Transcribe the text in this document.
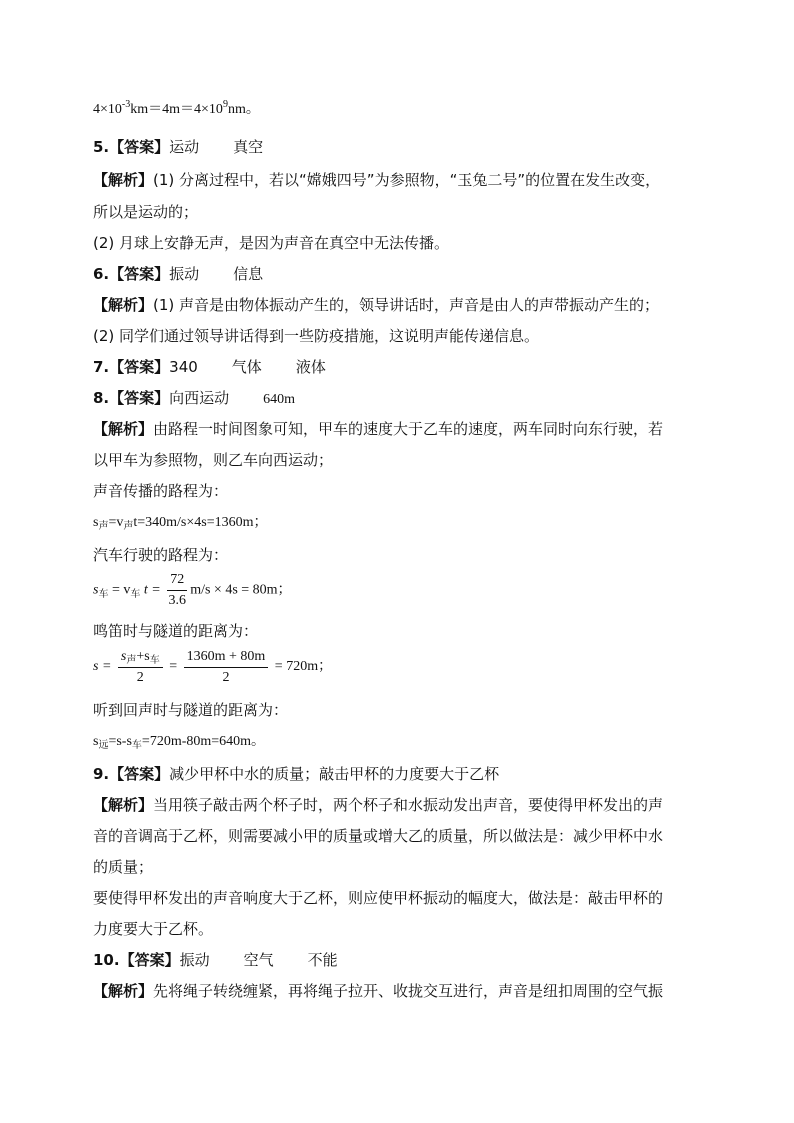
$4\times 10^{-3}km=4m=4\times 10^9nm$。
5.【答案】运动 真空
【解析】(1) 分离过程中，若以“嫦娥四号”为参照物，“玉兔二号”的位置在发生改变，
所以是运动的；
(2) 月球上安静无声，是因为声音在真空中无法传播。
6.【答案】振动 信息
【解析】(1) 声音是由物体振动产生的，领导讲话时，声音是由人的声带振动产生的；
(2) 同学们通过领导讲话得到一些防疫措施，这说明声能传递信息。
7.【答案】340 气体 液体
8.【答案】向西运动 640m
【解析】由路程一时间图象可知，甲车的速度大于乙车的速度，两车同时向东行驶，若
以甲车为参照物，则乙车向西运动；
声音传播的路程为：
$s_声=v_声t=340m/s\times 4s=1360m$；
汽车行驶的路程为：
$s_车 = v_车$ $t = \frac{72}{3.6} m/s \times 4s = 80m$；
鸣笛时与隧道的距离为：
$s = \frac{s_声+s_车}{2} = \frac{1360m + 80m}{2} = 720m$；
听到回声时与隧道的距离为：
$s_远=s-s_车=720m-80m=640m$。
9.【答案】减少甲杯中水的质量；敲击甲杯的力度要大于乙杯
【解析】当用筷子敲击两个杯子时，两个杯子和水振动发出声音，要使得甲杯发出的声
音的音调高于乙杯，则需要减小甲的质量或增大乙的质量，所以做法是：减少甲杯中水
的质量；
要使得甲杯发出的声音响度大于乙杯，则应使甲杯振动的幅度大，做法是：敲击甲杯的
力度要大于乙杯。
10.【答案】振动 空气 不能
【解析】先将绳子转绕缠紧，再将绳子拉开、收拢交互进行，声音是纽扣周围的空气振
